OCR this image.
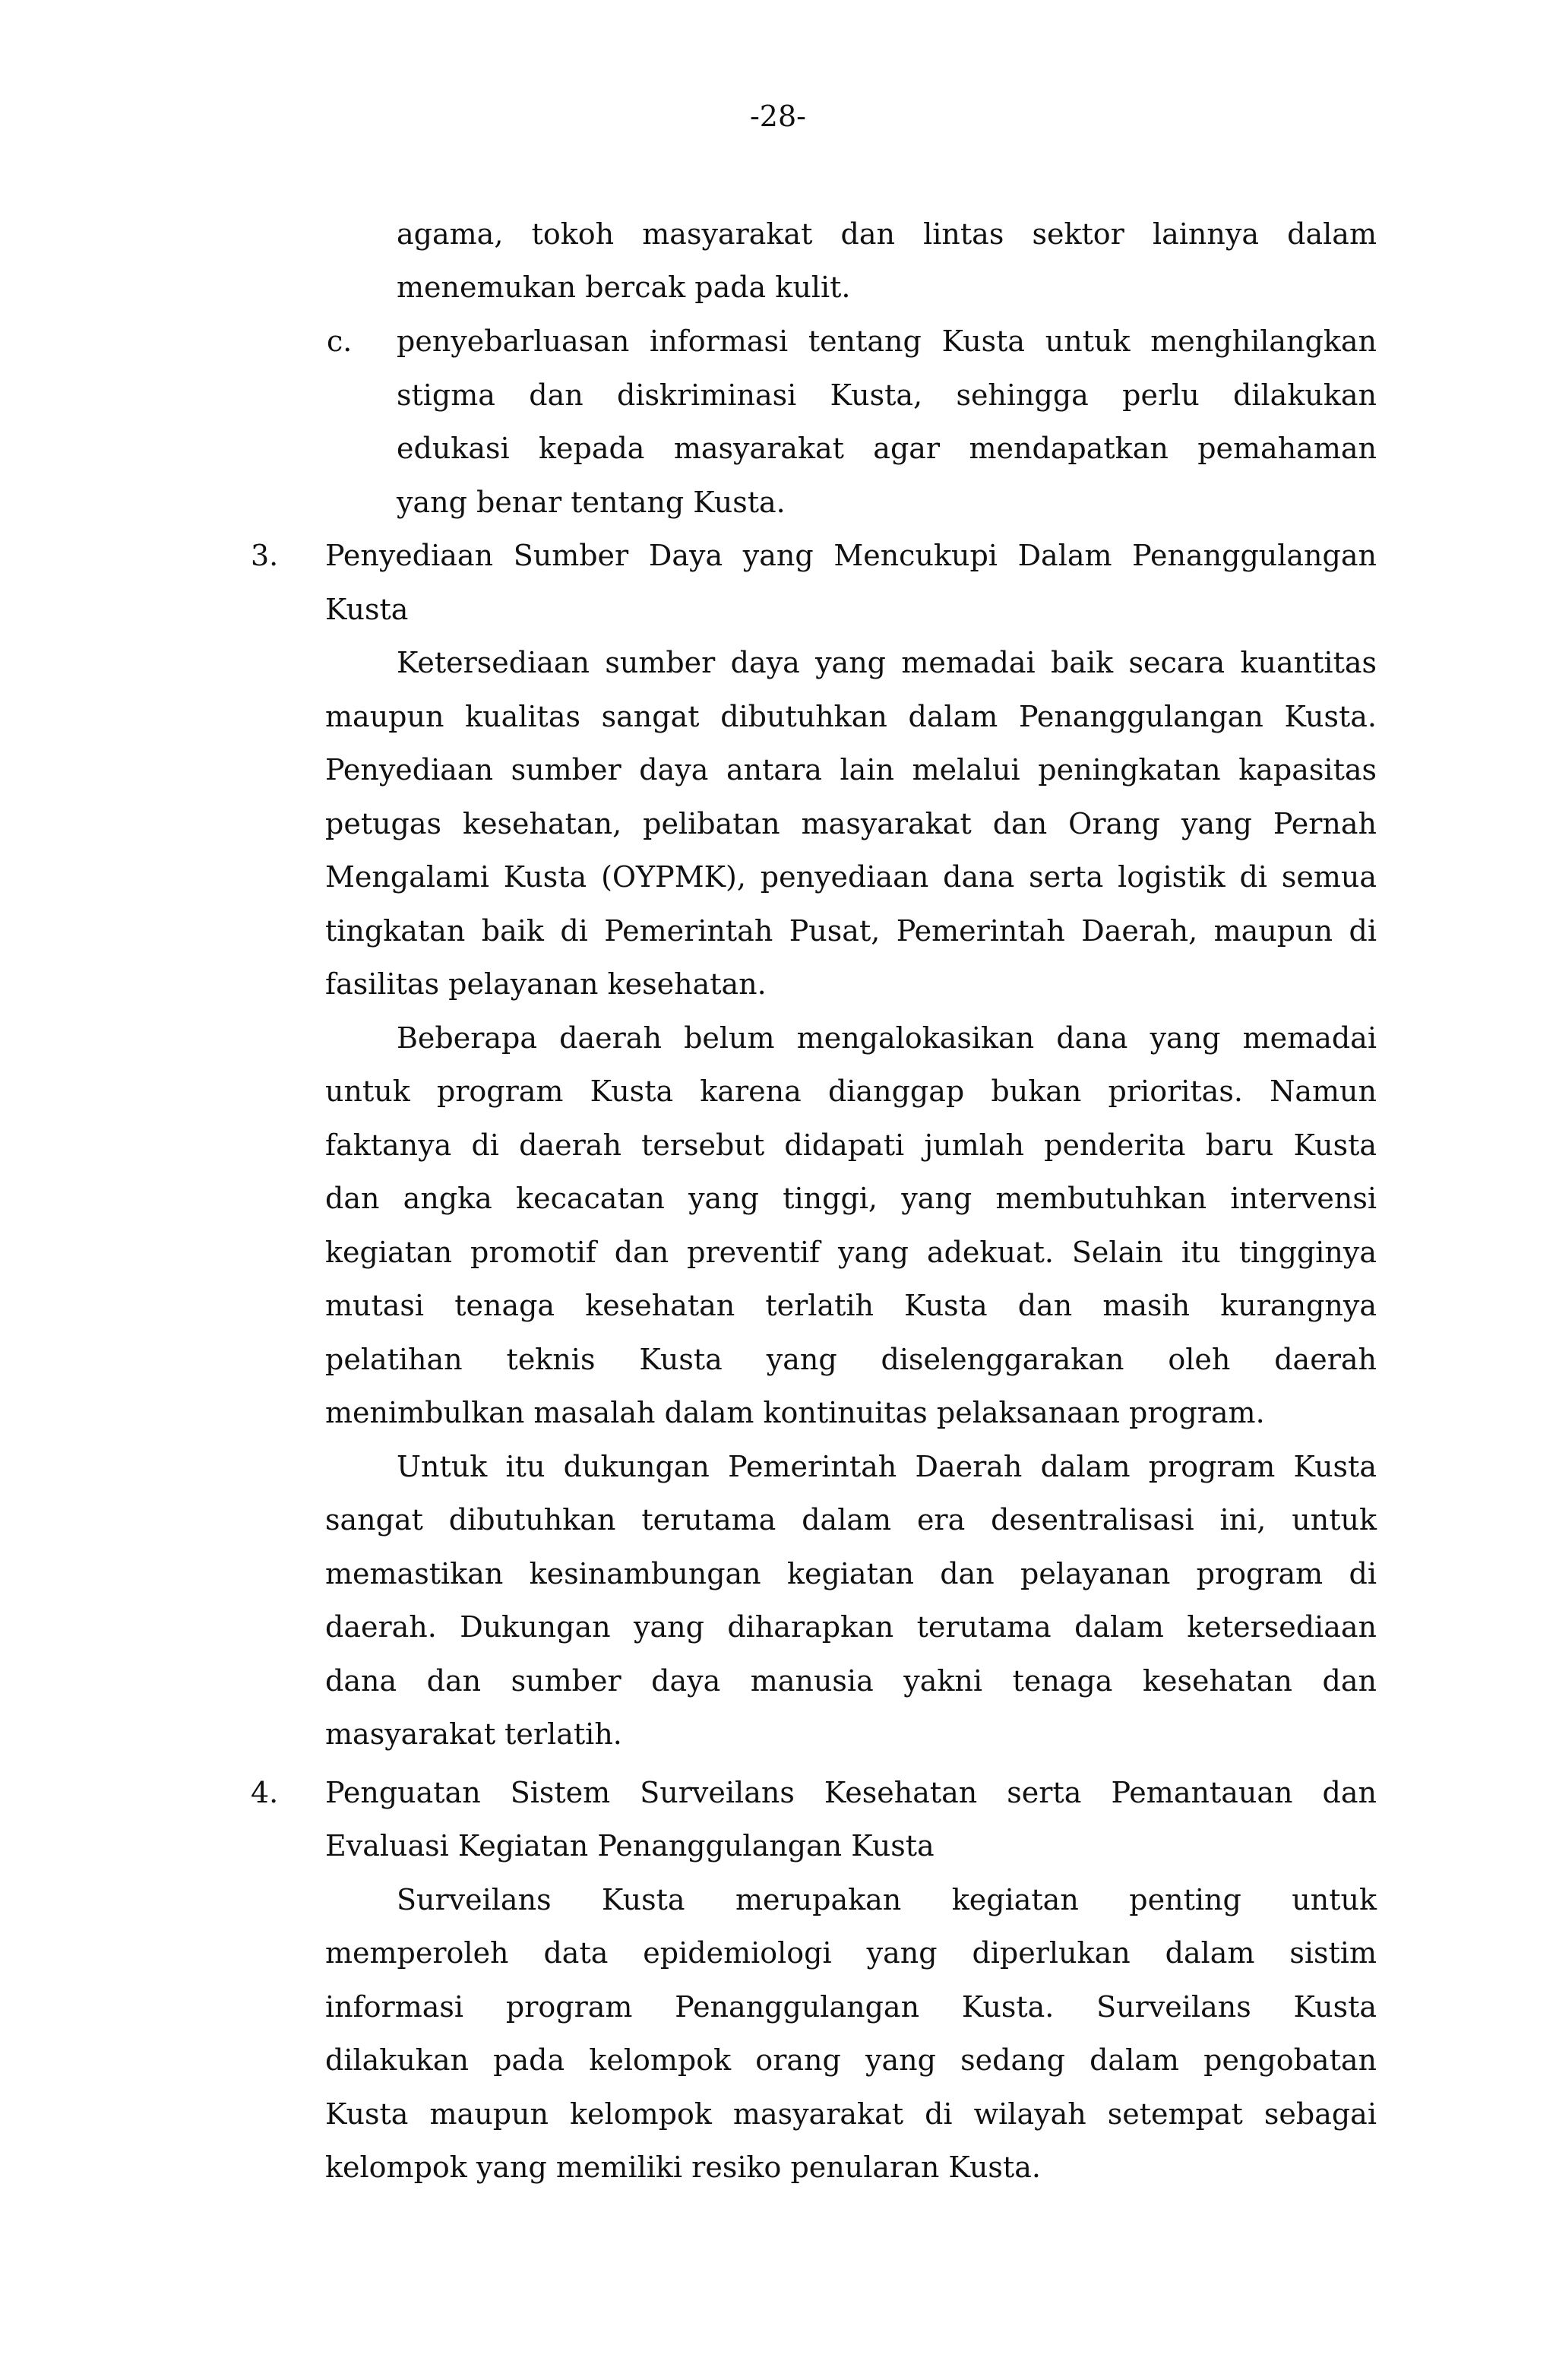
-28-
agama, tokoh masyarakat dan lintas sektor lainnya dalam
menemukan bercak pada kulit.
c. penyebarluasan informasi tentang Kusta untuk menghilangkan
stigma dan diskriminasi Kusta, sehingga perlu dilakukan
edukasi kepada masyarakat agar mendapatkan pemahaman
yang benar tentang Kusta.
3. Penyediaan Sumber Daya yang Mencukupi Dalam Penanggulangan
Kusta
Ketersediaan sumber daya yang memadai baik secara kuantitas
maupun kualitas sangat dibutuhkan dalam Penanggulangan Kusta.
Penyediaan sumber daya antara lain melalui peningkatan kapasitas
petugas kesehatan, pelibatan masyarakat dan Orang yang Pernah
Mengalami Kusta (OYPMK), penyediaan dana serta logistik di semua
tingkatan baik di Pemerintah Pusat, Pemerintah Daerah, maupun di
fasilitas pelayanan kesehatan.
Beberapa daerah belum mengalokasikan dana yang memadai
untuk program Kusta karena dianggap bukan prioritas. Namun
faktanya di daerah tersebut didapati jumlah penderita baru Kusta
dan angka kecacatan yang tinggi, yang membutuhkan intervensi
kegiatan promotif dan preventif yang adekuat. Selain itu tingginya
mutasi tenaga kesehatan terlatih Kusta dan masih kurangnya
pelatihan teknis Kusta yang diselenggarakan oleh daerah
menimbulkan masalah dalam kontinuitas pelaksanaan program.
Untuk itu dukungan Pemerintah Daerah dalam program Kusta
sangat dibutuhkan terutama dalam era desentralisasi ini, untuk
memastikan kesinambungan kegiatan dan pelayanan program di
daerah. Dukungan yang diharapkan terutama dalam ketersediaan
dana dan sumber daya manusia yakni tenaga kesehatan dan
masyarakat terlatih.
4. Penguatan Sistem Surveilans Kesehatan serta Pemantauan dan
Evaluasi Kegiatan Penanggulangan Kusta
Surveilans Kusta merupakan kegiatan penting untuk
memperoleh data epidemiologi yang diperlukan dalam sistim
informasi program Penanggulangan Kusta. Surveilans Kusta
dilakukan pada kelompok orang yang sedang dalam pengobatan
Kusta maupun kelompok masyarakat di wilayah setempat sebagai
kelompok yang memiliki resiko penularan Kusta.
